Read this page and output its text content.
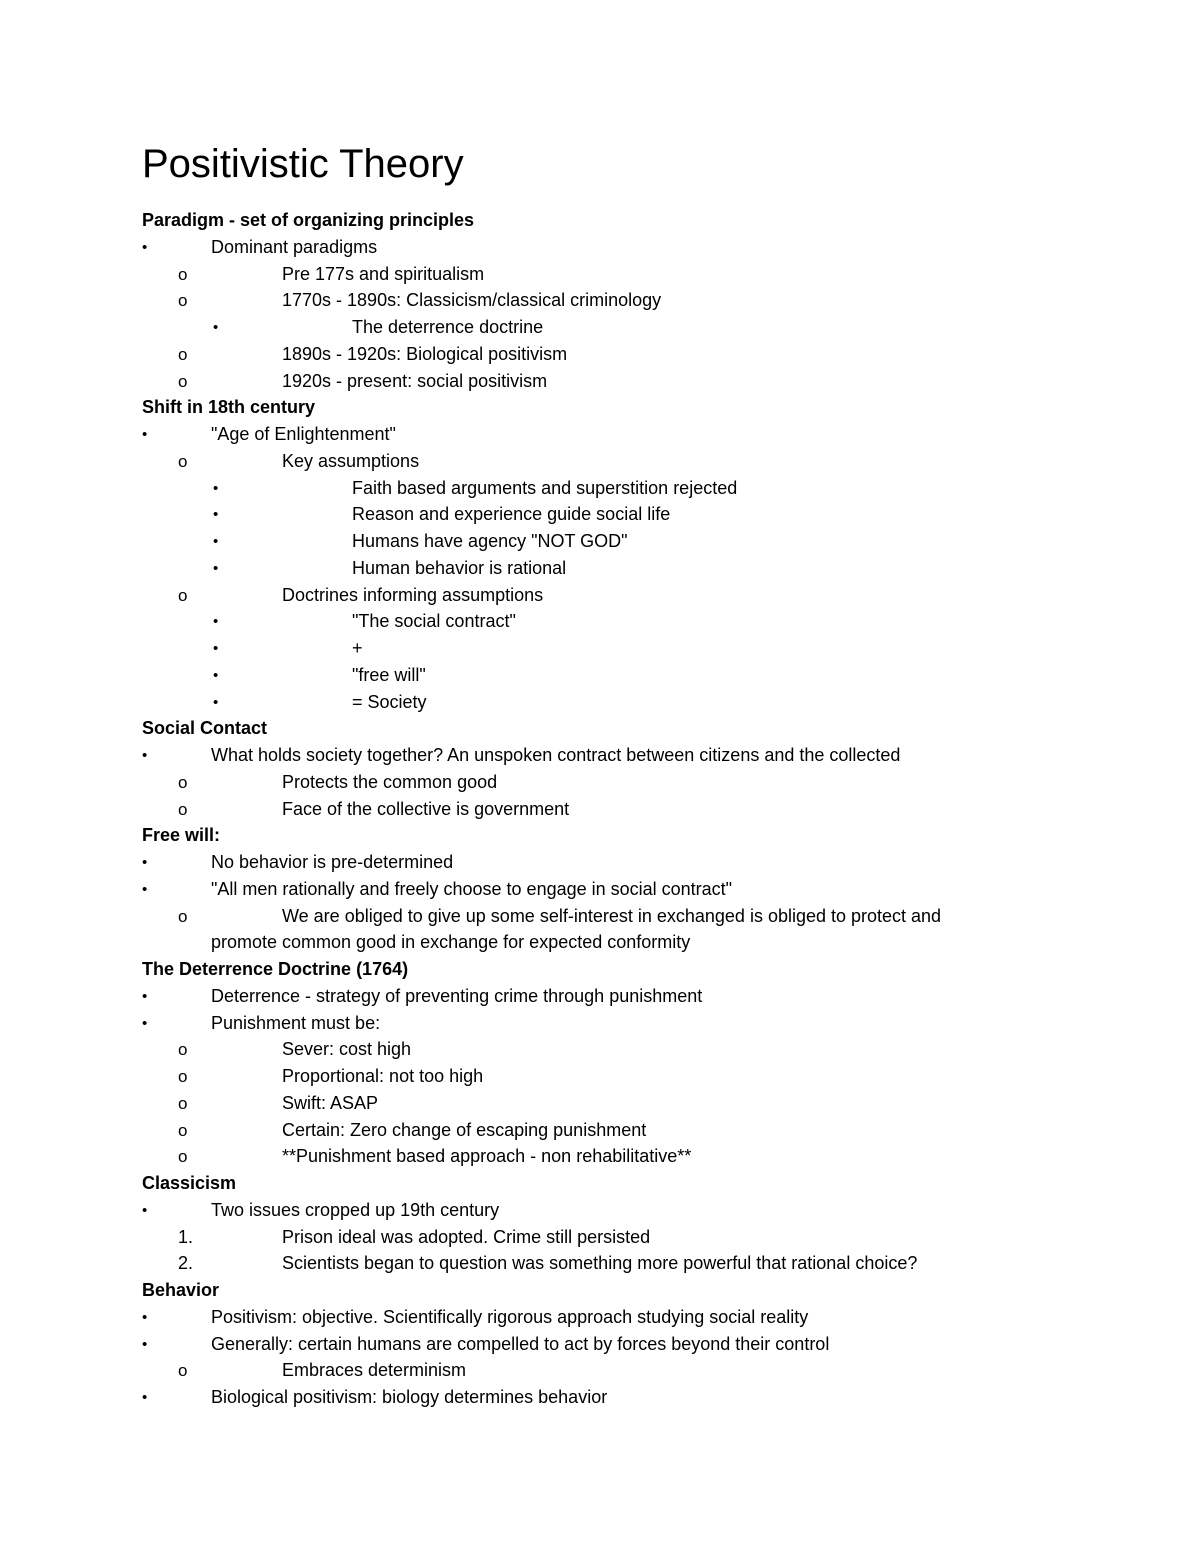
Positivistic Theory
Paradigm - set of organizing principles
•	Dominant paradigms
o	Pre 177s and spiritualism
o	1770s - 1890s: Classicism/classical criminology
•	The deterrence doctrine
o	1890s - 1920s: Biological positivism
o	1920s - present: social positivism
Shift in 18th century
•	"Age of Enlightenment"
o	Key assumptions
•	Faith based arguments and superstition rejected
•	Reason and experience guide social life
•	Humans have agency "NOT GOD"
•	Human behavior is rational
o	Doctrines informing assumptions
•	"The social contract"
•	+
•	"free will"
•	= Society
Social Contact
•	What holds society together? An unspoken contract between citizens and the collected
o	Protects the common good
o	Face of the collective is government
Free will:
•	No behavior is pre-determined
•	"All men rationally and freely choose to engage in social contract"
o	We are obliged to give up some self-interest in exchanged is obliged to protect and
promote common good in exchange for expected conformity
The Deterrence Doctrine (1764)
•	Deterrence - strategy of preventing crime through punishment
•	Punishment must be:
o	Sever: cost high
o	Proportional: not too high
o	Swift: ASAP
o	Certain: Zero change of escaping punishment
o	**Punishment based approach - non rehabilitative**
Classicism
•	Two issues cropped up 19th century
1.	Prison ideal was adopted. Crime still persisted
2.	Scientists began to question was something more powerful that rational choice?
Behavior
•	Positivism: objective. Scientifically rigorous approach studying social reality
•	Generally: certain humans are compelled to act by forces beyond their control
o	Embraces determinism
•	Biological positivism: biology determines behavior
